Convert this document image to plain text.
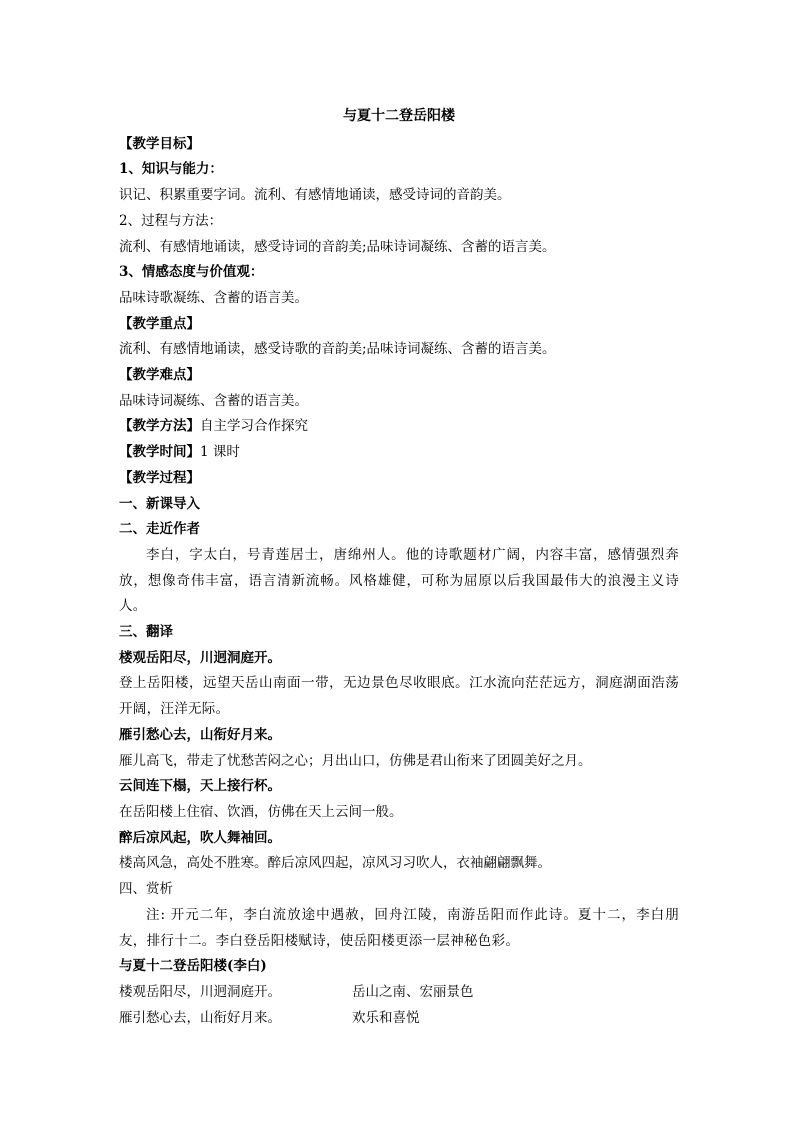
与夏十二登岳阳楼
【教学目标】
1、知识与能力：
识记、积累重要字词。流利、有感情地诵读，感受诗词的音韵美。
2、过程与方法：
流利、有感情地诵读，感受诗词的音韵美;品味诗词凝练、含蓄的语言美。
3、情感态度与价值观：
品味诗歌凝练、含蓄的语言美。
【教学重点】
流利、有感情地诵读，感受诗歌的音韵美;品味诗词凝练、含蓄的语言美。
【教学难点】
品味诗词凝练、含蓄的语言美。
【教学方法】自主学习合作探究
【教学时间】1 课时
【教学过程】
一、新课导入
二、走近作者
李白，字太白，号青莲居士，唐绵州人。他的诗歌题材广阔，内容丰富，感情强烈奔放，想像奇伟丰富，语言清新流畅。风格雄健，可称为屈原以后我国最伟大的浪漫主义诗人。
三、翻译
楼观岳阳尽，川迥洞庭开。
登上岳阳楼，远望天岳山南面一带，无边景色尽收眼底。江水流向茫茫远方，洞庭湖面浩荡开阔，汪洋无际。
雁引愁心去，山衔好月来。
雁儿高飞，带走了忧愁苦闷之心；月出山口，仿佛是君山衔来了团圆美好之月。
云间连下榻，天上接行杯。
在岳阳楼上住宿、饮酒，仿佛在天上云间一般。
醉后凉风起，吹人舞袖回。
楼高风急，高处不胜寒。醉后凉风四起，凉风习习吹人，衣袖翩翩飘舞。
四、赏析
注: 开元二年，李白流放途中遇赦，回舟江陵，南游岳阳而作此诗。夏十二，李白朋友，排行十二。李白登岳阳楼赋诗，使岳阳楼更添一层神秘色彩。
与夏十二登岳阳楼(李白)
楼观岳阳尽，川迥洞庭开。	岳山之南、宏丽景色
雁引愁心去，山衔好月来。	欢乐和喜悦
